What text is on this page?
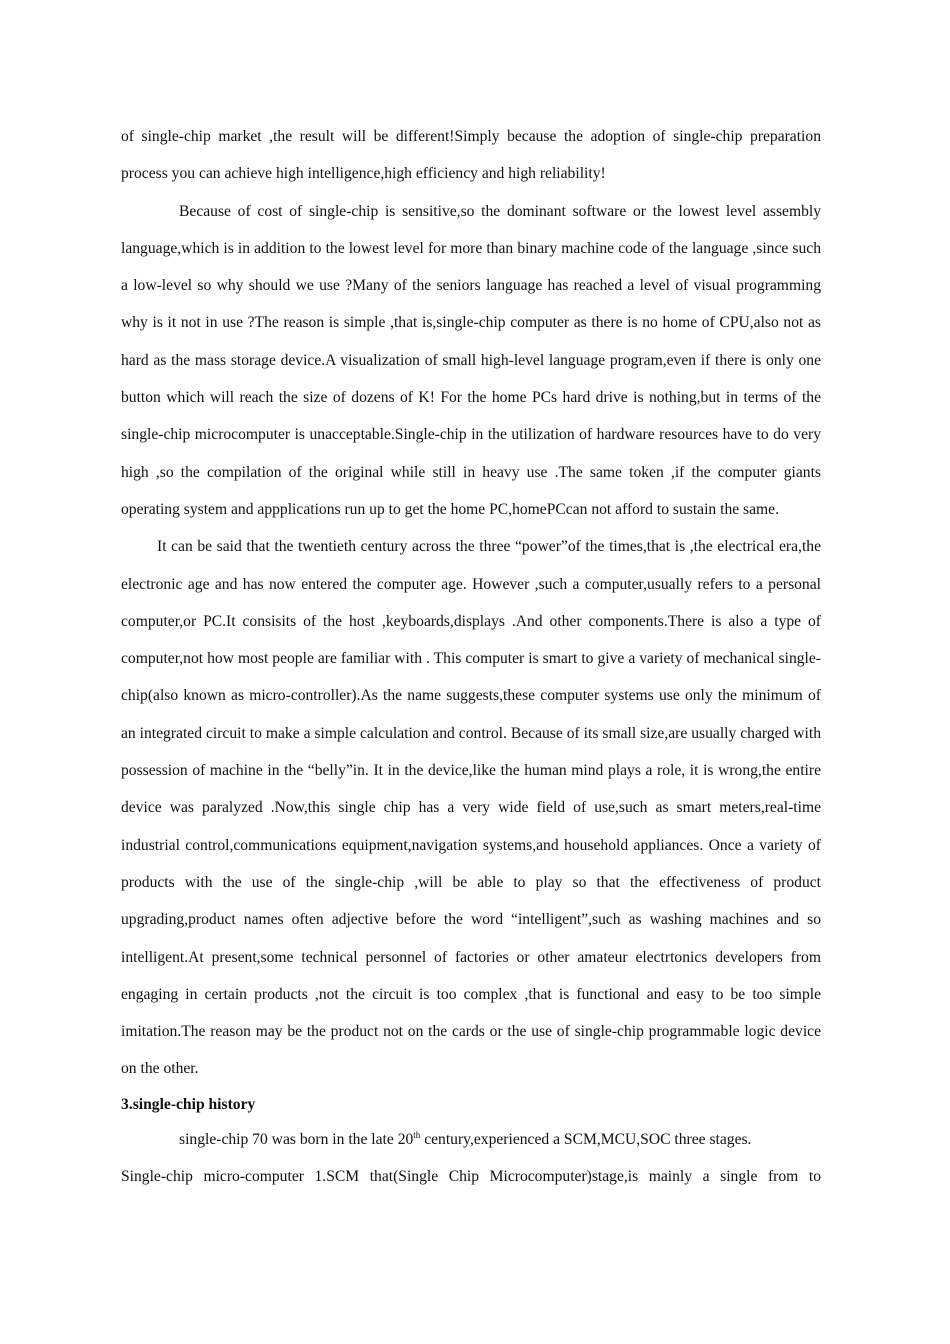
of single-chip market ,the result will be different!Simply because the adoption of single-chip preparation process you can achieve high intelligence,high efficiency and high reliability!

Because of cost of single-chip is sensitive,so the dominant software or the lowest level assembly language,which is in addition to the lowest level for more than binary machine code of the language ,since such a low-level so why should we use ?Many of the seniors language has reached a level of visual programming why is it not in use ?The reason is simple ,that is,single-chip computer as there is no home of CPU,also not as hard as the mass storage device.A visualization of small high-level language program,even if there is only one button which will reach the size of dozens of K! For the home PCs hard drive is nothing,but in terms of the single-chip microcomputer is unacceptable.Single-chip in the utilization of hardware resources have to do very high ,so the compilation of the original while still in heavy use .The same token ,if the computer giants operating system and appplications run up to get the home PC,homePCcan not afford to sustain the same.

It can be said that the twentieth century across the three “power”of the times,that is ,the electrical era,the electronic age and has now entered the computer age. However ,such a computer,usually refers to a personal computer,or PC.It consisits of the host ,keyboards,displays .And other components.There is also a type of computer,not how most people are familiar with . This computer is smart to give a variety of mechanical single-chip(also known as micro-controller).As the name suggests,these computer systems use only the minimum of an integrated circuit to make a simple calculation and control. Because of its small size,are usually charged with possession of machine in the “belly”in. It in the device,like the human mind plays a role, it is wrong,the entire device was paralyzed .Now,this single chip has a very wide field of use,such as smart meters,real-time industrial control,communications equipment,navigation systems,and household appliances. Once a variety of products with the use of the single-chip ,will be able to play so that the effectiveness of product upgrading,product names often adjective before the word “intelligent”,such as washing machines and so intelligent.At present,some technical personnel of factories or other amateur electrtonics developers from engaging in certain products ,not the circuit is too complex ,that is functional and easy to be too simple imitation.The reason may be the product not on the cards or the use of single-chip programmable logic device on the other.

3.single-chip history

single-chip 70 was born in the late 20th century,experienced a SCM,MCU,SOC three stages.

Single-chip micro-computer 1.SCM that(Single Chip Microcomputer)stage,is mainly a single from to
